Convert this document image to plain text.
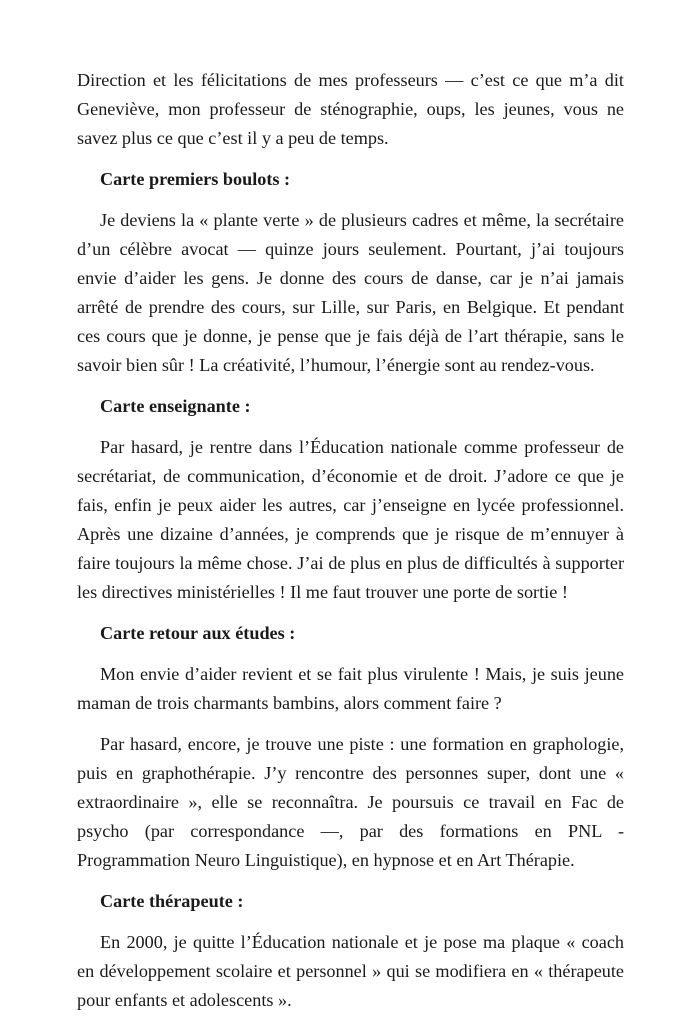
Direction et les félicitations de mes professeurs — c’est ce que m’a dit Geneviève, mon professeur de sténographie, oups, les jeunes, vous ne savez plus ce que c’est il y a peu de temps.

Carte premiers boulots :

Je deviens la « plante verte » de plusieurs cadres et même, la secrétaire d’un célèbre avocat — quinze jours seulement. Pourtant, j’ai toujours envie d’aider les gens. Je donne des cours de danse, car je n’ai jamais arrêté de prendre des cours, sur Lille, sur Paris, en Belgique. Et pendant ces cours que je donne, je pense que je fais déjà de l’art thérapie, sans le savoir bien sûr ! La créativité, l’humour, l’énergie sont au rendez-vous.

Carte enseignante :

Par hasard, je rentre dans l’Éducation nationale comme professeur de secrétariat, de communication, d’économie et de droit. J’adore ce que je fais, enfin je peux aider les autres, car j’enseigne en lycée professionnel. Après une dizaine d’années, je comprends que je risque de m’ennuyer à faire toujours la même chose. J’ai de plus en plus de difficultés à supporter les directives ministérielles ! Il me faut trouver une porte de sortie !

Carte retour aux études :

Mon envie d’aider revient et se fait plus virulente ! Mais, je suis jeune maman de trois charmants bambins, alors comment faire ?

Par hasard, encore, je trouve une piste : une formation en graphologie, puis en graphothérapie. J’y rencontre des personnes super, dont une « extraordinaire », elle se reconnaîtra. Je poursuis ce travail en Fac de psycho (par correspondance —, par des formations en PNL - Programmation Neuro Linguistique), en hypnose et en Art Thérapie.

Carte thérapeute :

En 2000, je quitte l’Éducation nationale et je pose ma plaque « coach en développement scolaire et personnel » qui se modifiera en « thérapeute pour enfants et adolescents ».
